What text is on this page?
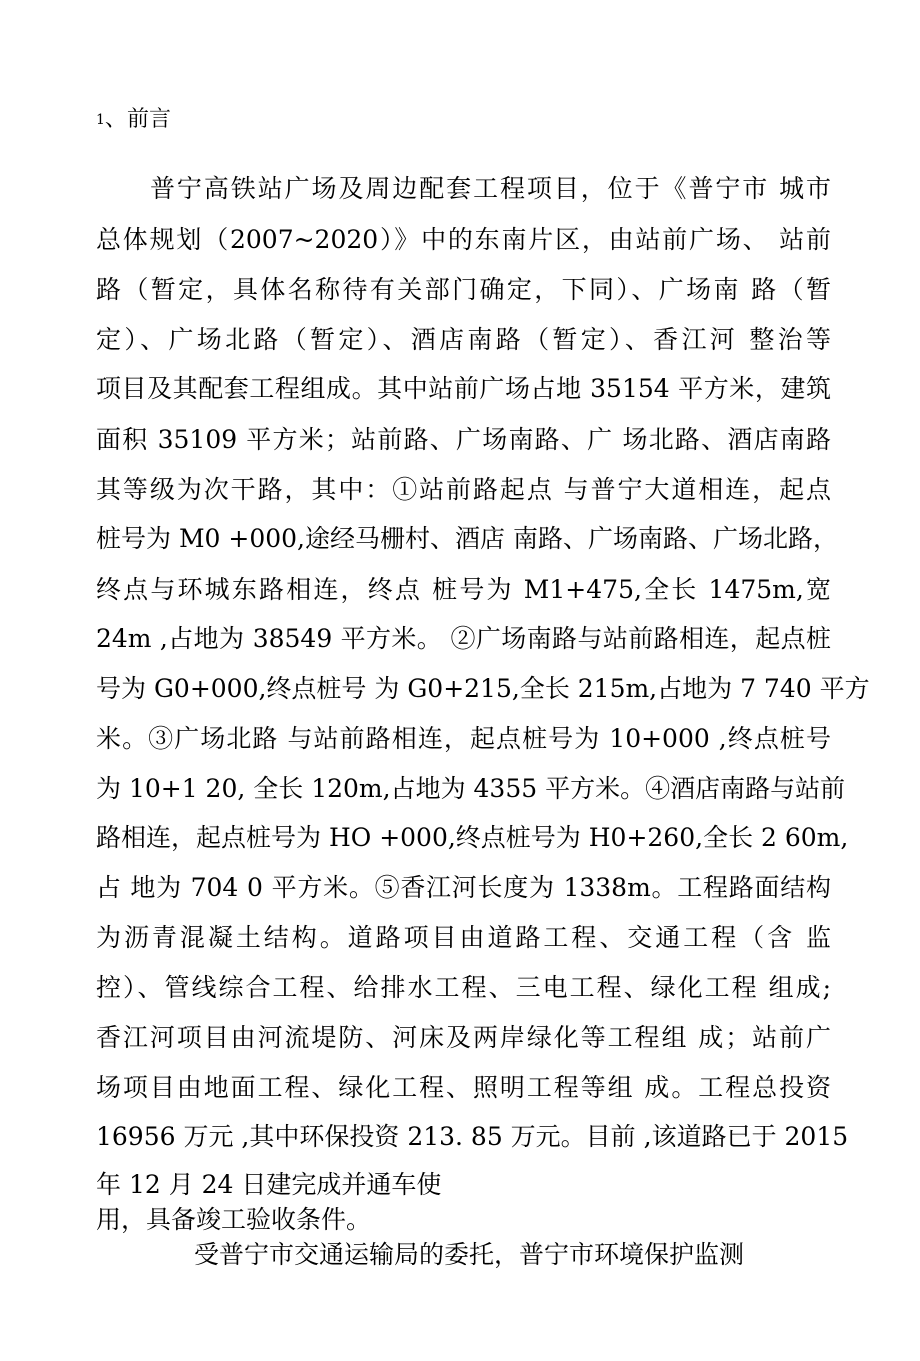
1、前言
普宁高铁站广场及周边配套工程项目，位于《普宁市 城市
总体规划（2007~2020）》中的东南片区，由站前广场、 站前
路（暂定，具体名称待有关部门确定，下同）、广场南 路（暂
定）、广场北路（暂定）、酒店南路（暂定）、香江河 整治等
项目及其配套工程组成。其中站前广场占地 35154 平方米，建筑
面积 35109 平方米；站前路、广场南路、广 场北路、酒店南路
其等级为次干路，其中：①站前路起点 与普宁大道相连，起点
桩号为 M0 +000,途经马栅村、酒店 南路、广场南路、广场北路，
终点与环城东路相连，终点 桩号为 M1+475,全长 1475m,宽
24m ,占地为 38549 平方米。 ②广场南路与站前路相连，起点桩
号为 G0+000,终点桩号 为 G0+215,全长 215m,占地为 7 740 平方
米。③广场北路 与站前路相连，起点桩号为 10+000 ,终点桩号
为 10+1 20, 全长 120m,占地为 4355 平方米。④酒店南路与站前
路相连，起点桩号为 HO +000,终点桩号为 H0+260,全长 2 60m,
占 地为 704 0 平方米。⑤香江河长度为 1338m。工程路面结构
为沥青混凝土结构。道路项目由道路工程、交通工程（含 监
控）、管线综合工程、给排水工程、三电工程、绿化工程 组成;
香江河项目由河流堤防、河床及两岸绿化等工程组 成；站前广
场项目由地面工程、绿化工程、照明工程等组 成。工程总投资
16956 万元 ,其中环保投资 213. 85 万元。目前 ,该道路已于 2015
年 12 月 24 日建完成并通车使
用，具备竣工验收条件。
受普宁市交通运输局的委托，普宁市环境保护监测
